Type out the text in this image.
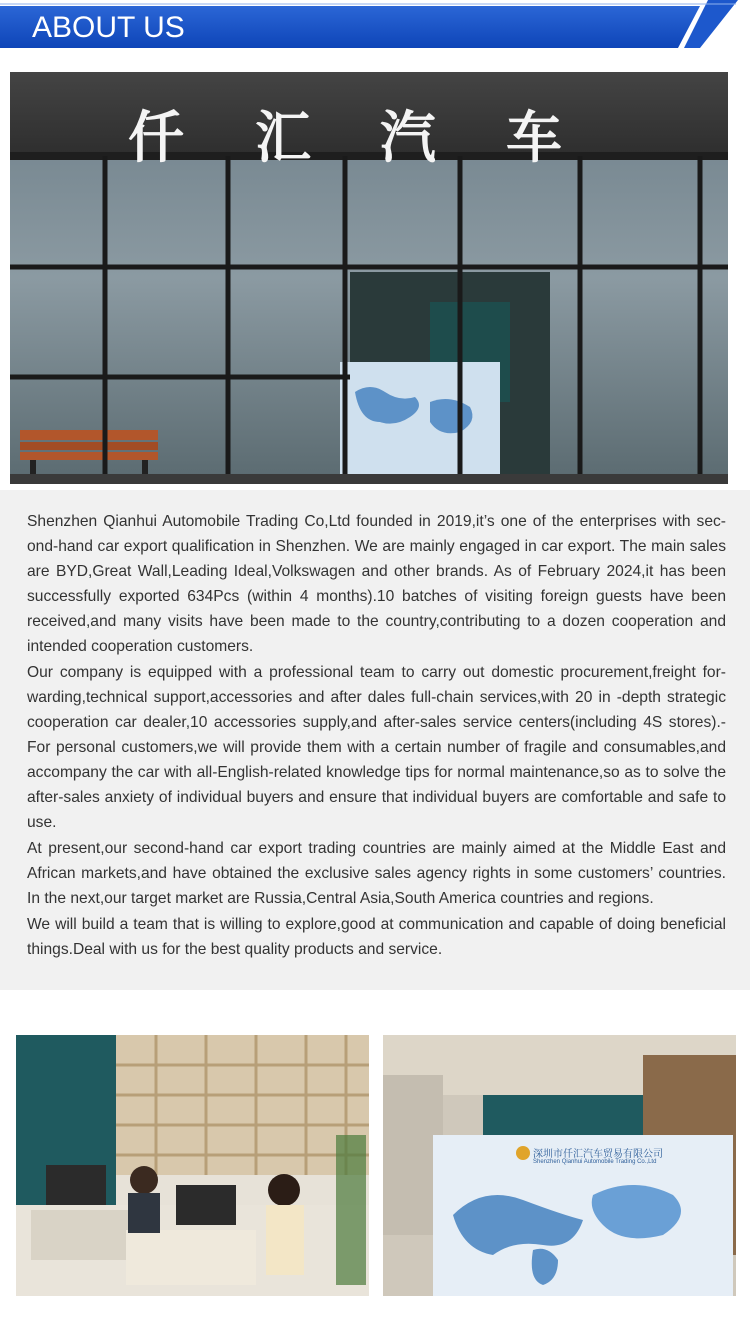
ABOUT US
仟 汇 汽 车

Shenzhen Qianhui Automobile Trading Co,Ltd founded in 2019,it’s one of the enterprises with sec-ond-hand car export qualification in Shenzhen. We are mainly engaged in car export. The main sales are BYD,Great Wall,Leading Ideal,Volkswagen and other brands. As of February 2024,it has been successfully exported 634Pcs (within 4 months).10 batches of visiting foreign guests have been received,and many visits have been made to the country,contributing to a dozen cooperation and intended cooperation customers.

Our company is equipped with a professional team to carry out domestic procurement,freight for-warding,technical support,accessories and after dales full-chain services,with 20 in -depth strategic cooperation car dealer,10 accessories supply,and after-sales service centers(including 4S stores).-For personal customers,we will provide them with a certain number of fragile and consumables,and accompany the car with all-English-related knowledge tips for normal maintenance,so as to solve the after-sales anxiety of individual buyers and ensure that individual buyers are comfortable and safe to use.

At present,our second-hand car export trading countries are mainly aimed at the Middle East and African markets,and have obtained the exclusive sales agency rights in some customers’ countries. In the next,our target market are Russia,Central Asia,South America countries and regions.

We will build a team that is willing to explore,good at communication and capable of doing beneficial things.Deal with us for the best quality products and service.

深圳市仟汇汽车贸易有限公司
Shenzhen Qianhui Automobile Trading Co.,Ltd
